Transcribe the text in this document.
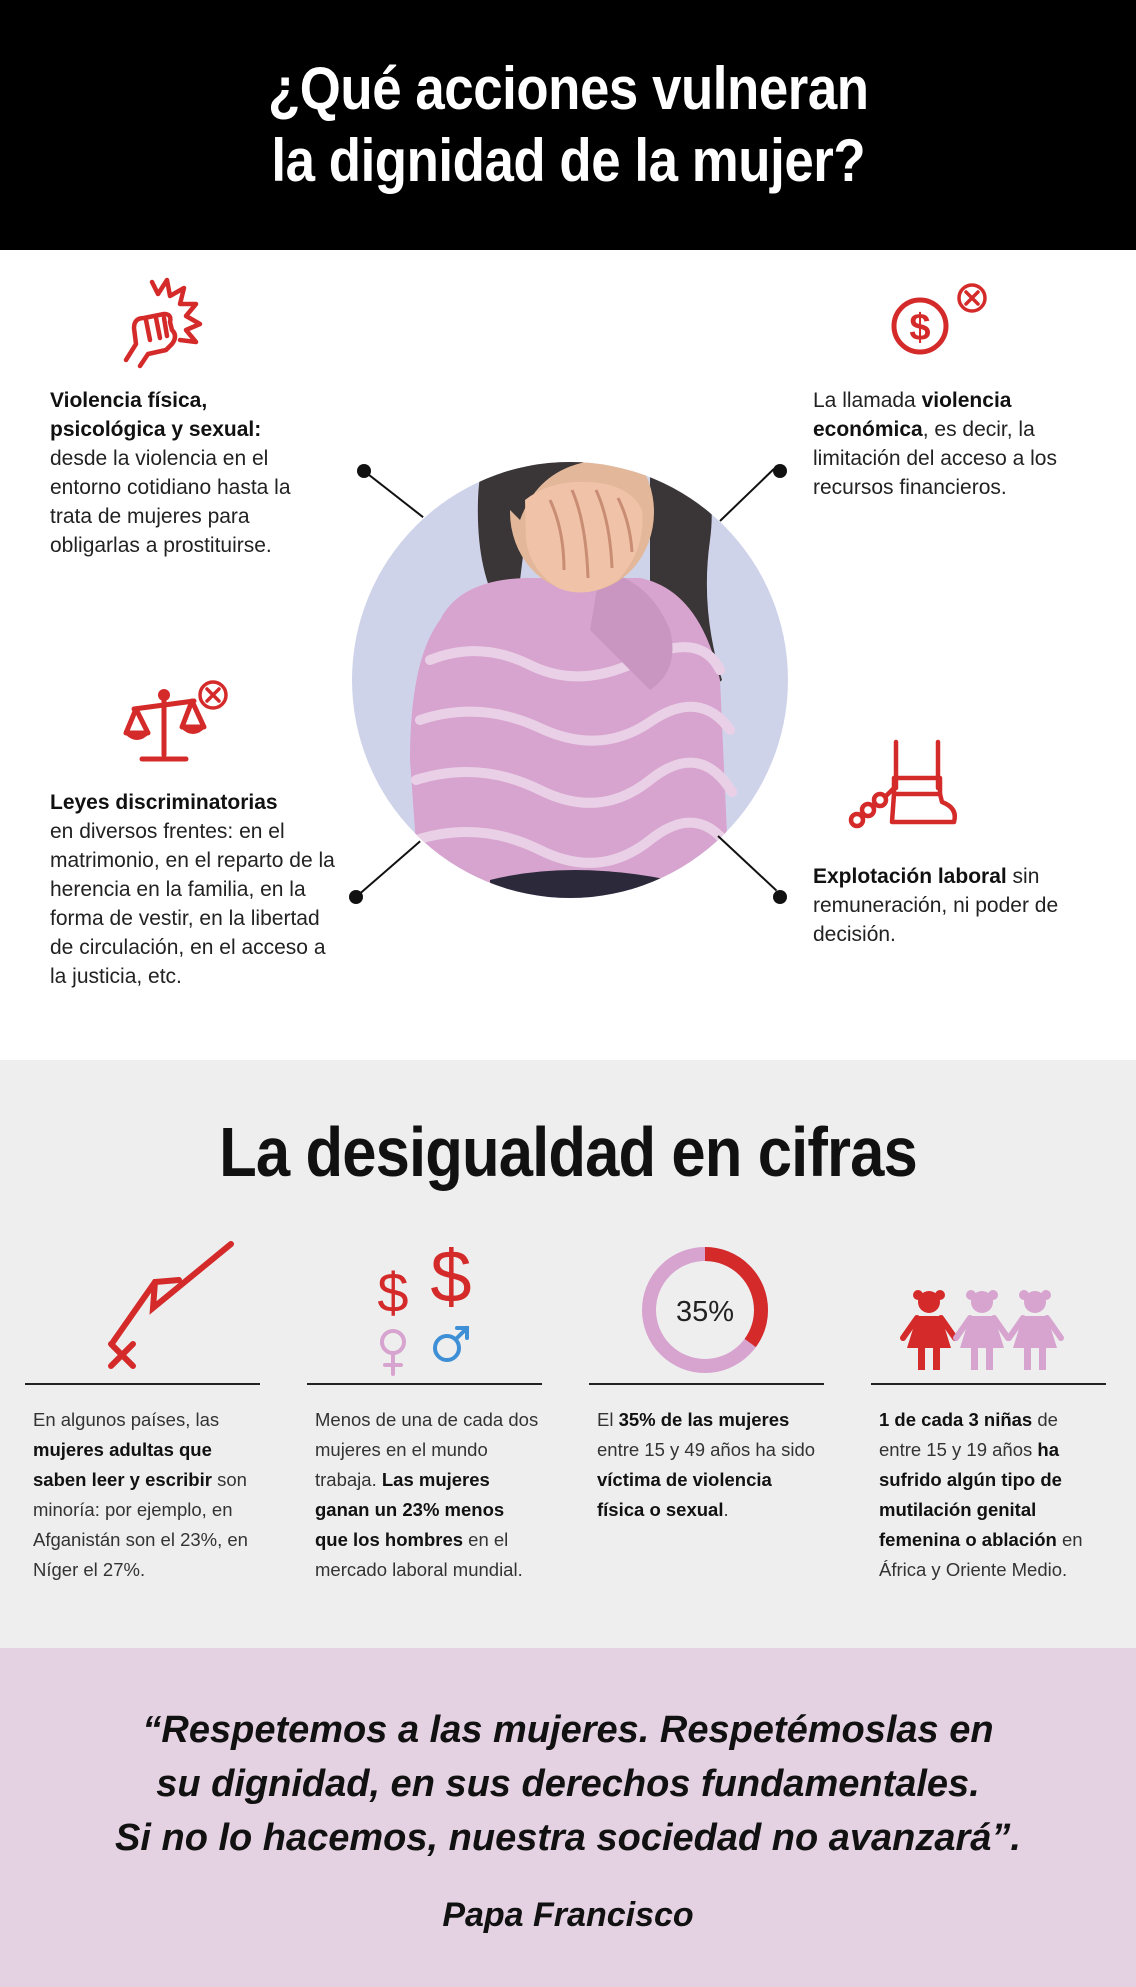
¿Qué acciones vulneran
la dignidad de la mujer?
Violencia física, psicológica y sexual: desde la violencia en el entorno cotidiano hasta la trata de mujeres para obligarlas a prostituirse.
$
La llamada violencia económica, es decir, la limitación del acceso a los recursos financieros.
Leyes discriminatorias
en diversos frentes: en el matrimonio, en el reparto de la herencia en la familia, en la forma de vestir, en la libertad de circulación, en el acceso a la justicia, etc.
Explotación laboral sin remuneración, ni poder de decisión.
La desigualdad en cifras
En algunos países, las mujeres adultas que saben leer y escribir son minoría: por ejemplo, en Afganistán son el 23%, en Níger el 27%.
$ $
Menos de una de cada dos mujeres en el mundo trabaja. Las mujeres ganan un 23% menos que los hombres en el mercado laboral mundial.
35%
El 35% de las mujeres entre 15 y 49 años ha sido víctima de violencia física o sexual.
1 de cada 3 niñas de entre 15 y 19 años ha sufrido algún tipo de mutilación genital femenina o ablación en África y Oriente Medio.

“Respetemos a las mujeres. Respetémoslas en
su dignidad, en sus derechos fundamentales.
Si no lo hacemos, nuestra sociedad no avanzará”.

Papa Francisco
